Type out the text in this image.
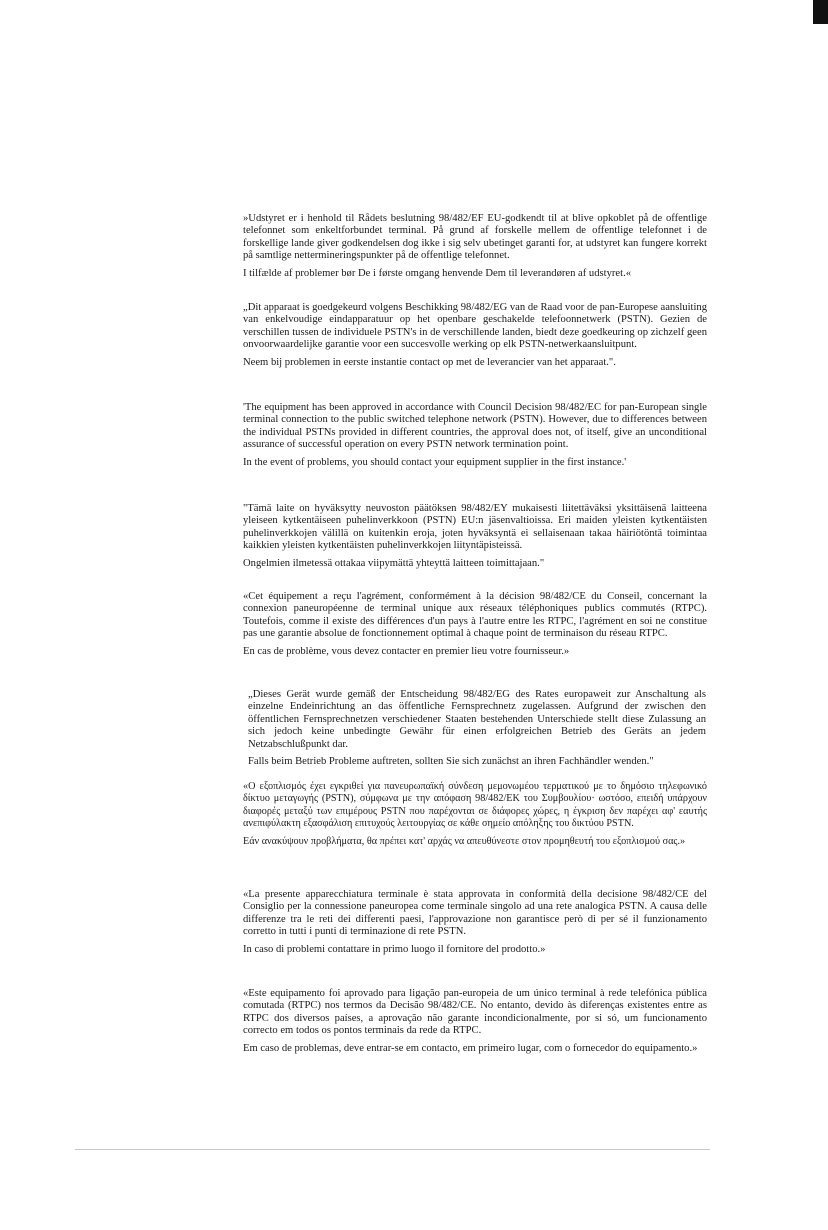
»Udstyret er i henhold til Rådets beslutning 98/482/EF EU-godkendt til at blive opkoblet på de offentlige telefonnet som enkeltforbundet terminal. På grund af forskelle mellem de offentlige telefonnet i de forskellige lande giver godkendelsen dog ikke i sig selv ubetinget garanti for, at udstyret kan fungere korrekt på samtlige nettermineringspunkter på de offentlige telefonnet.

I tilfælde af problemer bør De i første omgang henvende Dem til leverandøren af udstyret.«

„Dit apparaat is goedgekeurd volgens Beschikking 98/482/EG van de Raad voor de pan-Europese aansluiting van enkelvoudige eindapparatuur op het openbare geschakelde telefoonnetwerk (PSTN). Gezien de verschillen tussen de individuele PSTN's in de verschillende landen, biedt deze goedkeuring op zichzelf geen onvoorwaardelijke garantie voor een succesvolle werking op elk PSTN-netwerkaansluitpunt.

Neem bij problemen in eerste instantie contact op met de leverancier van het apparaat.".

'The equipment has been approved in accordance with Council Decision 98/482/EC for pan-European single terminal connection to the public switched telephone network (PSTN). However, due to differences between the individual PSTNs provided in different countries, the approval does not, of itself, give an unconditional assurance of successful operation on every PSTN network termination point.

In the event of problems, you should contact your equipment supplier in the first instance.'

"Tämä laite on hyväksytty neuvoston päätöksen 98/482/EY mukaisesti liitettäväksi yksittäisenä laitteena yleiseen kytkentäiseen puhelinverkkoon (PSTN) EU:n jäsenvaltioissa. Eri maiden yleisten kytkentäisten puhelinverkkojen välillä on kuitenkin eroja, joten hyväksyntä ei sellaisenaan takaa häiriötöntä toimintaa kaikkien yleisten kytkentäisten puhelinverkkojen liityntäpisteissä.

Ongelmien ilmetessä ottakaa viipymättä yhteyttä laitteen toimittajaan."

«Cet équipement a reçu l'agrément, conformément à la décision 98/482/CE du Conseil, concernant la connexion paneuropéenne de terminal unique aux réseaux téléphoniques publics commutés (RTPC). Toutefois, comme il existe des différences d'un pays à l'autre entre les RTPC, l'agrément en soi ne constitue pas une garantie absolue de fonctionnement optimal à chaque point de terminaison du réseau RTPC.

En cas de problème, vous devez contacter en premier lieu votre fournisseur.»

„Dieses Gerät wurde gemäß der Entscheidung 98/482/EG des Rates europaweit zur Anschaltung als einzelne Endeinrichtung an das öffentliche Fernsprechnetz zugelassen. Aufgrund der zwischen den öffentlichen Fernsprechnetzen verschiedener Staaten bestehenden Unterschiede stellt diese Zulassung an sich jedoch keine unbedingte Gewähr für einen erfolgreichen Betrieb des Geräts an jedem Netzabschlußpunkt dar.

Falls beim Betrieb Probleme auftreten, sollten Sie sich zunächst an ihren Fachhändler wenden."

«Ο εξοπλισμός έχει εγκριθεί για πανευρωπαϊκή σύνδεση μεμονωμέου τερματικού με το δημόσιο τηλεφωνικό δίκτυο μεταγωγής (PSTN), σύμφωνα με την απόφαση 98/482/ΕΚ του Συμβουλίου· ωστόσο, επειδή υπάρχουν διαφορές μεταξύ των επιμέρους PSTN που παρέχονται σε διάφορες χώρες, η έγκριση δεν παρέχει αφ' εαυτής ανεπιφύλακτη εξασφάλιση επιτυχούς λειτουργίας σε κάθε σημείο απόληξης του δικτύου PSTN.

Εάν ανακύψουν προβλήματα, θα πρέπει κατ' αρχάς να απευθύνεστε στον προμηθευτή του εξοπλισμού σας.»

«La presente apparecchiatura terminale è stata approvata in conformità della decisione 98/482/CE del Consiglio per la connessione paneuropea come terminale singolo ad una rete analogica PSTN. A causa delle differenze tra le reti dei differenti paesi, l'approvazione non garantisce però di per sé il funzionamento corretto in tutti i punti di terminazione di rete PSTN.

In caso di problemi contattare in primo luogo il fornitore del prodotto.»

«Este equipamento foi aprovado para ligação pan-europeia de um único terminal à rede telefónica pública comutada (RTPC) nos termos da Decisão 98/482/CE. No entanto, devido às diferenças existentes entre as RTPC dos diversos países, a aprovação não garante incondicionalmente, por si só, um funcionamento correcto em todos os pontos terminais da rede da RTPC.

Em caso de problemas, deve entrar-se em contacto, em primeiro lugar, com o fornecedor do equipamento.»
